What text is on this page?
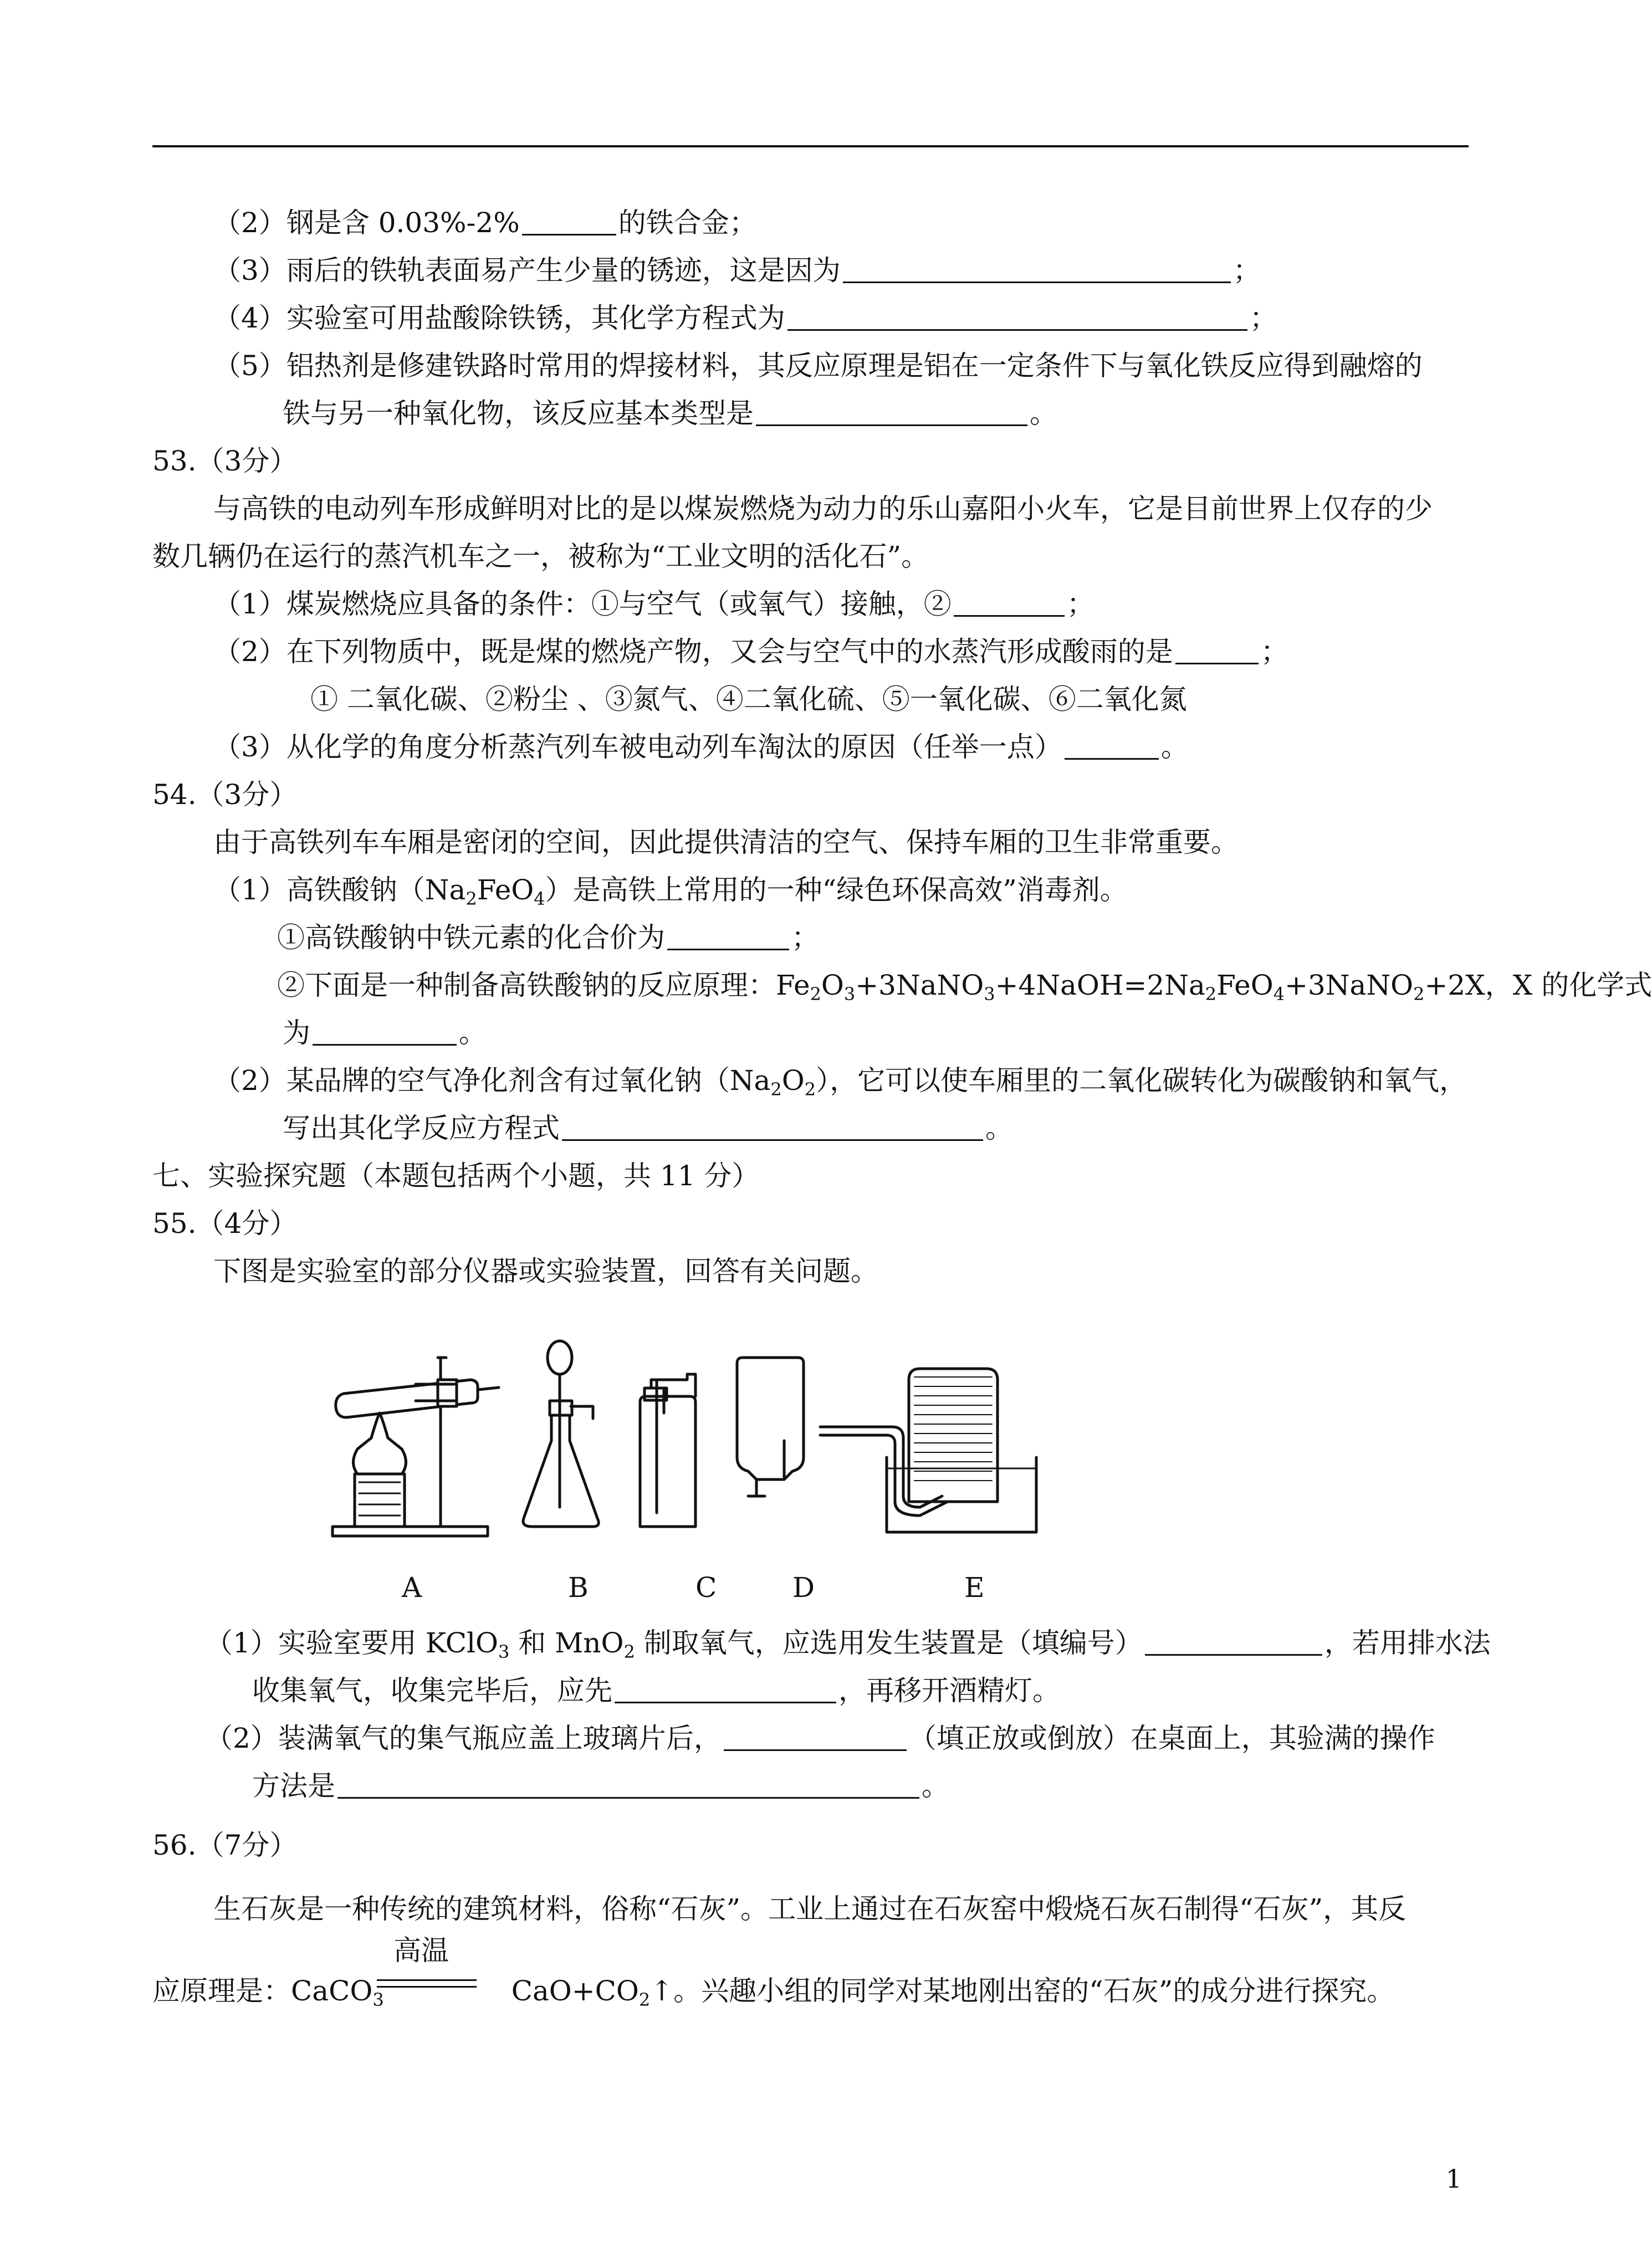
（2）钢是含 0.03%-2%	的铁合金；
（3）雨后的铁轨表面易产生少量的锈迹，这是因为	；
（4）实验室可用盐酸除铁锈，其化学方程式为	；
（5）铝热剂是修建铁路时常用的焊接材料，其反应原理是铝在一定条件下与氧化铁反应得到融熔的
铁与另一种氧化物，该反应基本类型是	。
53.（3分）
与高铁的电动列车形成鲜明对比的是以煤炭燃烧为动力的乐山嘉阳小火车，它是目前世界上仅存的少
数几辆仍在运行的蒸汽机车之一，被称为“工业文明的活化石”。
（1）煤炭燃烧应具备的条件：①与空气（或氧气）接触，②	；
（2）在下列物质中，既是煤的燃烧产物，又会与空气中的水蒸汽形成酸雨的是	；
① 二氧化碳、②粉尘 、③氮气、④二氧化硫、⑤一氧化碳、⑥二氧化氮
（3）从化学的角度分析蒸汽列车被电动列车淘汰的原因（任举一点）	。
54.（3分）
由于高铁列车车厢是密闭的空间，因此提供清洁的空气、保持车厢的卫生非常重要。
（1）高铁酸钠$(Na_2FeO_4)$是高铁上常用的一种“绿色环保高效”消毒剂。
①高铁酸钠中铁元素的化合价为	；
②下面是一种制备高铁酸钠的反应原理：$Fe_2O_3+3NaNO_3+4NaOH=2Na_2FeO_4+3NaNO_2+2X$，X 的化学式
为	。
（2）某品牌的空气净化剂含有过氧化钠$(Na_2O_2)$，它可以使车厢里的二氧化碳转化为碳酸钠和氧气，
写出其化学反应方程式	。
七、实验探究题（本题包括两个小题，共 11 分）
55.（4分）
下图是实验室的部分仪器或实验装置，回答有关问题。
A	B	C	D	E
（1）实验室要用 KClO$_3$ 和 MnO$_2$ 制取氧气，应选用发生装置是（填编号）	，若用排水法
收集氧气，收集完毕后，应先	，再移开酒精灯。
（2）装满氧气的集气瓶应盖上玻璃片后，	（填正放或倒放）在桌面上，其验满的操作
方法是	。
56.（7分）
生石灰是一种传统的建筑材料，俗称“石灰”。工业上通过在石灰窑中煅烧石灰石制得“石灰”，其反
应原理是：CaCO$_3$	$CaO+CO_2↑$。兴趣小组的同学对某地刚出窑的“石灰”的成分进行探究。
高温
1
